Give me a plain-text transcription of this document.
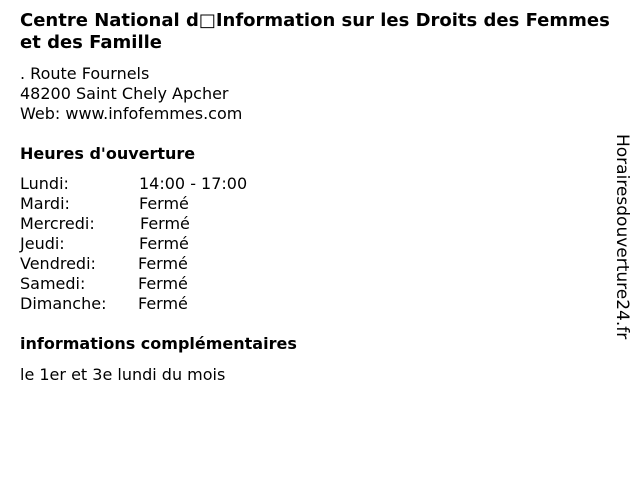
Centre National d□Information sur les Droits des Femmes et des Famille
. Route Fournels
48200 Saint Chely Apcher
Web: www.infofemmes.com
Heures d'ouverture
Lundi:	14:00 - 17:00
Mardi:	Fermé
Mercredi:	Fermé
Jeudi:	Fermé
Vendredi:	Fermé
Samedi:	Fermé
Dimanche: Fermé
informations complémentaires
le 1er et 3e lundi du mois
Horairesdouverture24.fr
